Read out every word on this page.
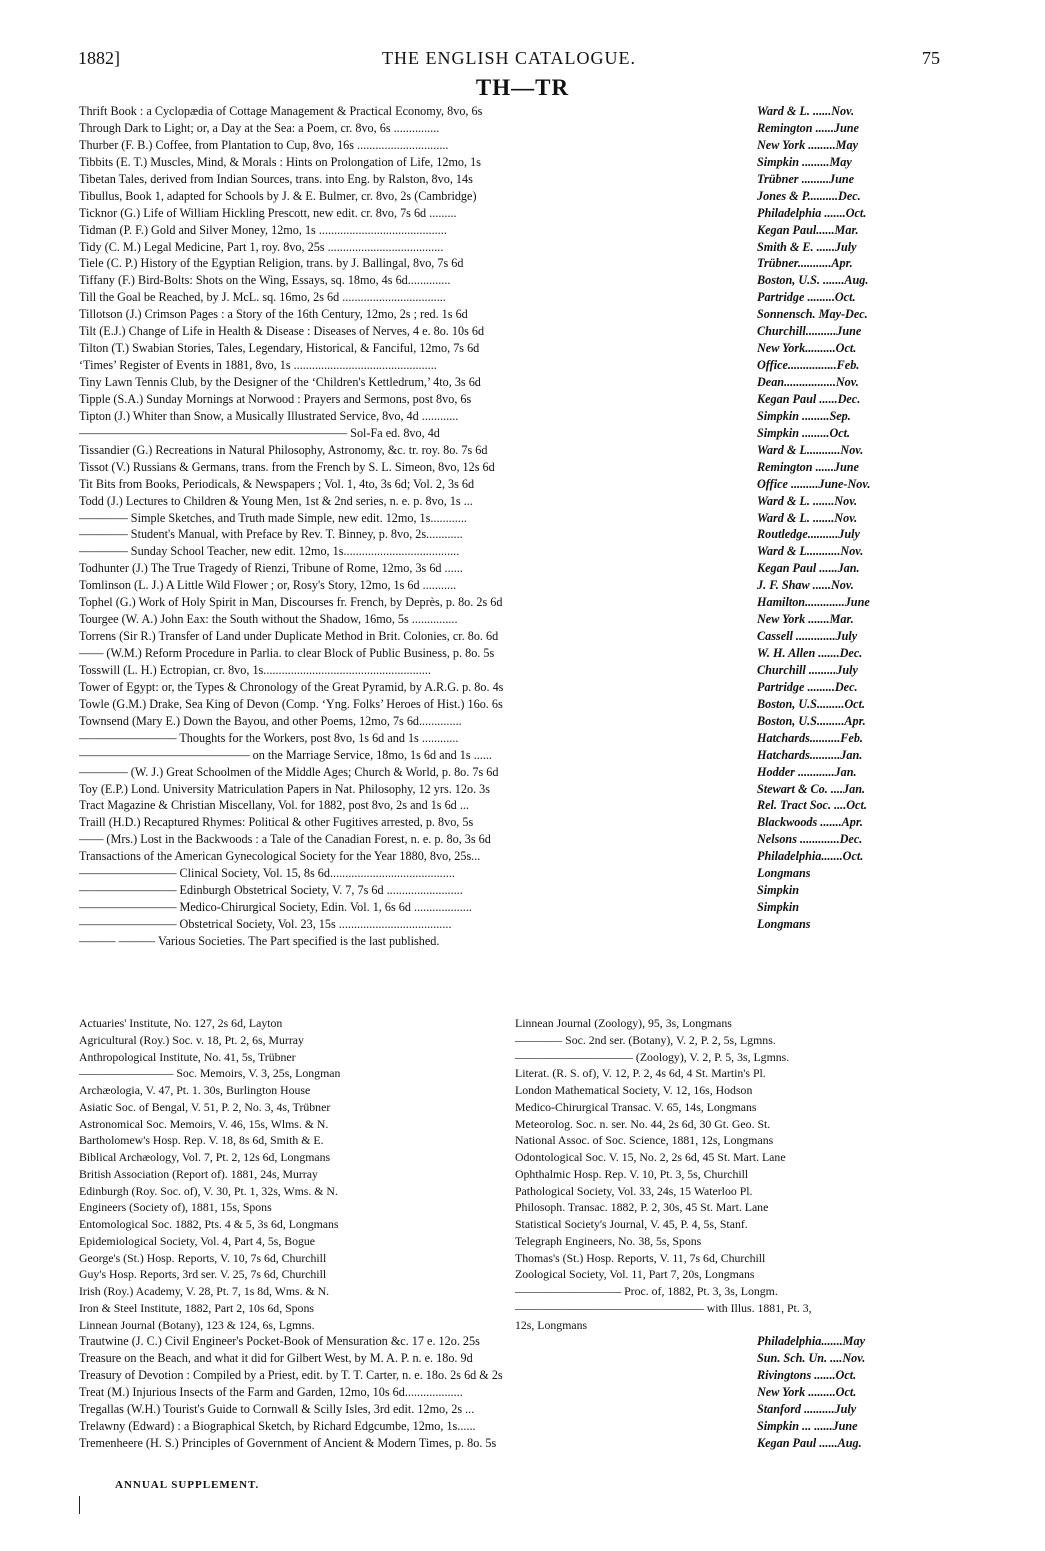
1882]	THE ENGLISH CATALOGUE.	75
TH—TR
Thrift Book : a Cyclopædia of Cottage Management & Practical Economy, 8vo, 6s	Ward & L. ......Nov.
Through Dark to Light; or, a Day at the Sea: a Poem, cr. 8vo, 6s ...............	Remington ......June
Thurber (F. B.) Coffee, from Plantation to Cup, 8vo, 16s ..............................	New York .........May
Tibbits (E. T.) Muscles, Mind, & Morals : Hints on Prolongation of Life, 12mo, 1s	Simpkin .........May
Tibetan Tales, derived from Indian Sources, trans. into Eng. by Ralston, 8vo, 14s	Trübner .........June
Tibullus, Book 1, adapted for Schools by J. & E. Bulmer, cr. 8vo, 2s (Cambridge)	Jones & P..........Dec.
Ticknor (G.) Life of William Hickling Prescott, new edit. cr. 8vo, 7s 6d .........	Philadelphia .......Oct.
Tidman (P. F.) Gold and Silver Money, 12mo, 1s ..........................................	Kegan Paul......Mar.
Tidy (C. M.) Legal Medicine, Part 1, roy. 8vo, 25s ......................................	Smith & E. ......July
Tiele (C. P.) History of the Egyptian Religion, trans. by J. Ballingal, 8vo, 7s 6d	Trübner...........Apr.
Tiffany (F.) Bird-Bolts: Shots on the Wing, Essays, sq. 18mo, 4s 6d..............	Boston, U.S. .......Aug.
Till the Goal be Reached, by J. McL. sq. 16mo, 2s 6d ..................................	Partridge .........Oct.
Tillotson (J.) Crimson Pages : a Story of the 16th Century, 12mo, 2s ; red. 1s 6d	Sonnensch. May-Dec.
Tilt (E.J.) Change of Life in Health & Disease : Diseases of Nerves, 4 e. 8o. 10s 6d	Churchill..........June
Tilton (T.) Swabian Stories, Tales, Legendary, Historical, & Fanciful, 12mo, 7s 6d	New York..........Oct.
‘Times’ Register of Events in 1881, 8vo, 1s ...............................................	Office................Feb.
Tiny Lawn Tennis Club, by the Designer of the ‘Children's Kettledrum,’ 4to, 3s 6d	Dean.................Nov.
Tipple (S.A.) Sunday Mornings at Norwood : Prayers and Sermons, post 8vo, 6s	Kegan Paul ......Dec.
Tipton (J.) Whiter than Snow, a Musically Illustrated Service, 8vo, 4d ............	Simpkin .........Sep.
—————————————————————— Sol-Fa ed. 8vo, 4d	Simpkin .........Oct.
Tissandier (G.) Recreations in Natural Philosophy, Astronomy, &c. tr. roy. 8o. 7s 6d	Ward & L...........Nov.
Tissot (V.) Russians & Germans, trans. from the French by S. L. Simeon, 8vo, 12s 6d	Remington ......June
Tit Bits from Books, Periodicals, & Newspapers ; Vol. 1, 4to, 3s 6d; Vol. 2, 3s 6d	Office .........June-Nov.
Todd (J.) Lectures to Children & Young Men, 1st & 2nd series, n. e. p. 8vo, 1s ...	Ward & L. .......Nov.
———— Simple Sketches, and Truth made Simple, new edit. 12mo, 1s............	Ward & L. .......Nov.
———— Student's Manual, with Preface by Rev. T. Binney, p. 8vo, 2s............	Routledge..........July
———— Sunday School Teacher, new edit. 12mo, 1s......................................	Ward & L...........Nov.
Todhunter (J.) The True Tragedy of Rienzi, Tribune of Rome, 12mo, 3s 6d ......	Kegan Paul ......Jan.
Tomlinson (L. J.) A Little Wild Flower ; or, Rosy's Story, 12mo, 1s 6d ...........	J. F. Shaw ......Nov.
Tophel (G.) Work of Holy Spirit in Man, Discourses fr. French, by Deprès, p. 8o. 2s 6d	Hamilton.............June
Tourgee (W. A.) John Eax: the South without the Shadow, 16mo, 5s ...............	New York .......Mar.
Torrens (Sir R.) Transfer of Land under Duplicate Method in Brit. Colonies, cr. 8o. 6d	Cassell .............July
—— (W.M.) Reform Procedure in Parlia. to clear Block of Public Business, p. 8o. 5s	W. H. Allen .......Dec.
Tosswill (L. H.) Ectropian, cr. 8vo, 1s.......................................................	Churchill .........July
Tower of Egypt: or, the Types & Chronology of the Great Pyramid, by A.R.G. p. 8o. 4s	Partridge .........Dec.
Towle (G.M.) Drake, Sea King of Devon (Comp. ‘Yng. Folks’ Heroes of Hist.) 16o. 6s	Boston, U.S.........Oct.
Townsend (Mary E.) Down the Bayou, and other Poems, 12mo, 7s 6d..............	Boston, U.S.........Apr.
———————— Thoughts for the Workers, post 8vo, 1s 6d and 1s ............	Hatchards..........Feb.
—————————————— on the Marriage Service, 18mo, 1s 6d and 1s ......	Hatchards..........Jan.
———— (W. J.) Great Schoolmen of the Middle Ages; Church & World, p. 8o. 7s 6d	Hodder ............Jan.
Toy (E.P.) Lond. University Matriculation Papers in Nat. Philosophy, 12 yrs. 12o. 3s	Stewart & Co. ....Jan.
Tract Magazine & Christian Miscellany, Vol. for 1882, post 8vo, 2s and 1s 6d ...	Rel. Tract Soc. ....Oct.
Traill (H.D.) Recaptured Rhymes: Political & other Fugitives arrested, p. 8vo, 5s	Blackwoods .......Apr.
—— (Mrs.) Lost in the Backwoods : a Tale of the Canadian Forest, n. e. p. 8o, 3s 6d	Nelsons .............Dec.
Transactions of the American Gynecological Society for the Year 1880, 8vo, 25s...	Philadelphia.......Oct.
———————— Clinical Society, Vol. 15, 8s 6d.........................................	Longmans
———————— Edinburgh Obstetrical Society, V. 7, 7s 6d .........................	Simpkin
———————— Medico-Chirurgical Society, Edin. Vol. 1, 6s 6d ...................	Simpkin
———————— Obstetrical Society, Vol. 23, 15s .....................................	Longmans
——— ——— Various Societies. The Part specified is the last published.
Actuaries' Institute, No. 127, 2s 6d, Layton	Linnean Journal (Zoology), 95, 3s, Longmans
Agricultural (Roy.) Soc. v. 18, Pt. 2, 6s, Murray	———— Soc. 2nd ser. (Botany), V. 2, P. 2, 5s, Lgmns.
Anthropological Institute, No. 41, 5s, Trübner	—————————— (Zoology), V. 2, P. 5, 3s, Lgmns.
———————— Soc. Memoirs, V. 3, 25s, Longman	Literat. (R. S. of), V. 12, P. 2, 4s 6d, 4 St. Martin's Pl.
Archæologia, V. 47, Pt. 1. 30s, Burlington House	London Mathematical Society, V. 12, 16s, Hodson
Asiatic Soc. of Bengal, V. 51, P. 2, No. 3, 4s, Trübner	Medico-Chirurgical Transac. V. 65, 14s, Longmans
Astronomical Soc. Memoirs, V. 46, 15s, Wlms. & N.	Meteorolog. Soc. n. ser. No. 44, 2s 6d, 30 Gt. Geo. St.
Bartholomew's Hosp. Rep. V. 18, 8s 6d, Smith & E.	National Assoc. of Soc. Science, 1881, 12s, Longmans
Biblical Archæology, Vol. 7, Pt. 2, 12s 6d, Longmans	Odontological Soc. V. 15, No. 2, 2s 6d, 45 St. Mart. Lane
British Association (Report of). 1881, 24s, Murray	Ophthalmic Hosp. Rep. V. 10, Pt. 3, 5s, Churchill
Edinburgh (Roy. Soc. of), V. 30, Pt. 1, 32s, Wms. & N.	Pathological Society, Vol. 33, 24s, 15 Waterloo Pl.
Engineers (Society of), 1881, 15s, Spons	Philosoph. Transac. 1882, P. 2, 30s, 45 St. Mart. Lane
Entomological Soc. 1882, Pts. 4 & 5, 3s 6d, Longmans	Statistical Society's Journal, V. 45, P. 4, 5s, Stanf.
Epidemiological Society, Vol. 4, Part 4, 5s, Bogue	Telegraph Engineers, No. 38, 5s, Spons
George's (St.) Hosp. Reports, V. 10, 7s 6d, Churchill	Thomas's (St.) Hosp. Reports, V. 11, 7s 6d, Churchill
Guy's Hosp. Reports, 3rd ser. V. 25, 7s 6d, Churchill	Zoological Society, Vol. 11, Part 7, 20s, Longmans
Irish (Roy.) Academy, V. 28, Pt. 7, 1s 8d, Wms. & N.	————————— Proc. of, 1882, Pt. 3, 3s, Longm.
Iron & Steel Institute, 1882, Part 2, 10s 6d, Spons	———————————————— with Illus. 1881, Pt. 3,
Linnean Journal (Botany), 123 & 124, 6s, Lgmns.	12s, Longmans
Trautwine (J. C.) Civil Engineer's Pocket-Book of Mensuration &c. 17 e. 12o. 25s	Philadelphia.......May
Treasure on the Beach, and what it did for Gilbert West, by M. A. P. n. e. 18o. 9d	Sun. Sch. Un. ....Nov.
Treasury of Devotion : Compiled by a Priest, edit. by T. T. Carter, n. e. 18o. 2s 6d & 2s	Rivingtons .......Oct.
Treat (M.) Injurious Insects of the Farm and Garden, 12mo, 10s 6d...................	New York .........Oct.
Tregallas (W.H.) Tourist's Guide to Cornwall & Scilly Isles, 3rd edit. 12mo, 2s ...	Stanford ..........July
Trelawny (Edward) : a Biographical Sketch, by Richard Edgcumbe, 12mo, 1s......	Simpkin ... ......June
Tremenheere (H. S.) Principles of Government of Ancient & Modern Times, p. 8o. 5s	Kegan Paul ......Aug.
ANNUAL SUPPLEMENT.
